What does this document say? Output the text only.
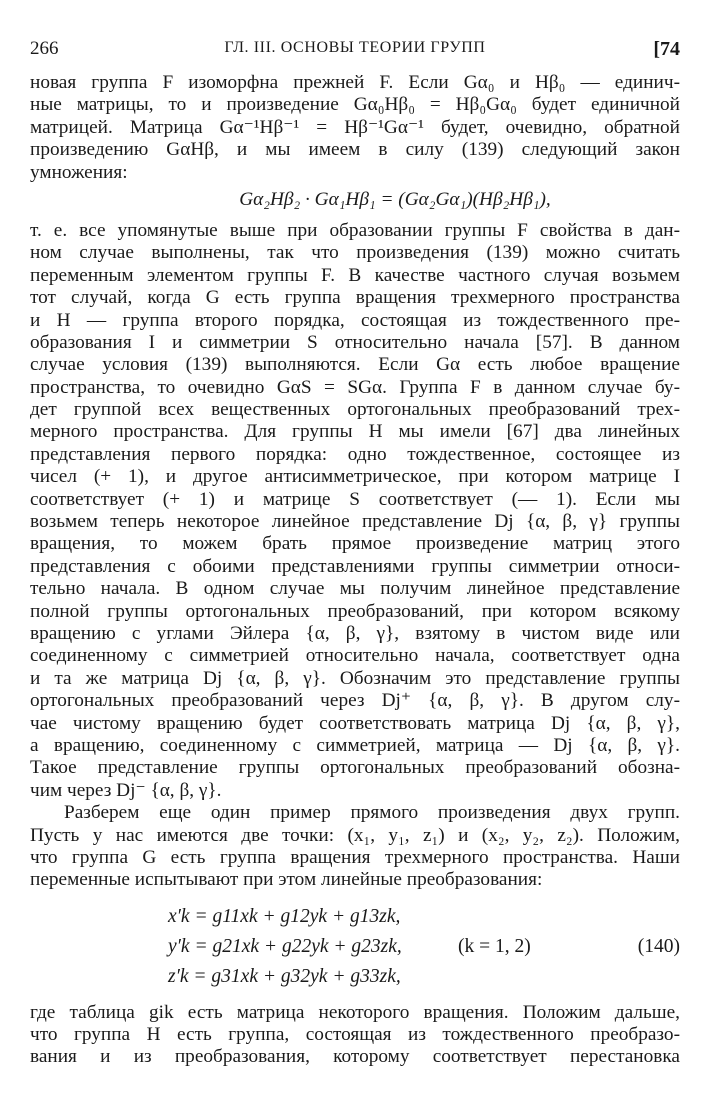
266	ГЛ. III. ОСНОВЫ ТЕОРИИ ГРУПП	[74
новая группа F изоморфна прежней F. Если Gα₀ и Hβ₀ — единич-
ные матрицы, то и произведение Gα₀Hβ₀ = Hβ₀Gα₀ будет единичной
матрицей. Матрица Gα⁻¹Hβ⁻¹ = Hβ⁻¹Gα⁻¹ будет, очевидно, обратной
произведению GαHβ, и мы имеем в силу (139) следующий закон
умножения:
Gα₂Hβ₂ · Gα₁Hβ₁ = (Gα₂Gα₁)(Hβ₂Hβ₁),
т. е. все упомянутые выше при образовании группы F свойства в дан-
ном случае выполнены, так что произведения (139) можно считать
переменным элементом группы F. В качестве частного случая возьмем
тот случай, когда G есть группа вращения трехмерного пространства
и H — группа второго порядка, состоящая из тождественного пре-
образования I и симметрии S относительно начала [57]. В данном
случае условия (139) выполняются. Если Gα есть любое вращение
пространства, то очевидно GαS = SGα. Группа F в данном случае бу-
дет группой всех вещественных ортогональных преобразований трех-
мерного пространства. Для группы H мы имели [67] два линейных
представления первого порядка: одно тождественное, состоящее из
чисел (+ 1), и другое антисимметрическое, при котором матрице I
соответствует (+ 1) и матрице S соответствует (— 1). Если мы
возьмем теперь некоторое линейное представление Dj {α, β, γ} группы
вращения, то можем брать прямое произведение матриц этого
представления с обоими представлениями группы симметрии относи-
тельно начала. В одном случае мы получим линейное представление
полной группы ортогональных преобразований, при котором всякому
вращению с углами Эйлера {α, β, γ}, взятому в чистом виде или
соединенному с симметрией относительно начала, соответствует одна
и та же матрица Dj {α, β, γ}. Обозначим это представление группы
ортогональных преобразований через Dj⁺ {α, β, γ}. В другом слу-
чае чистому вращению будет соответствовать матрица Dj {α, β, γ},
а вращению, соединенному с симметрией, матрица — Dj {α, β, γ}.
Такое представление группы ортогональных преобразований обозна-
чим через Dj⁻ {α, β, γ}.
Разберем еще один пример прямого произведения двух групп.
Пусть у нас имеются две точки: (x₁, y₁, z₁) и (x₂, y₂, z₂). Положим,
что группа G есть группа вращения трехмерного пространства. Наши
переменные испытывают при этом линейные преобразования:
x′k = g11xk + g12yk + g13zk,
y′k = g21xk + g22yk + g23zk,
z′k = g31xk + g32yk + g33zk,
(k = 1, 2)	(140)
где таблица gik есть матрица некоторого вращения. Положим дальше,
что группа H есть группа, состоящая из тождественного преобразо-
вания и из преобразования, которому соответствует перестановка
